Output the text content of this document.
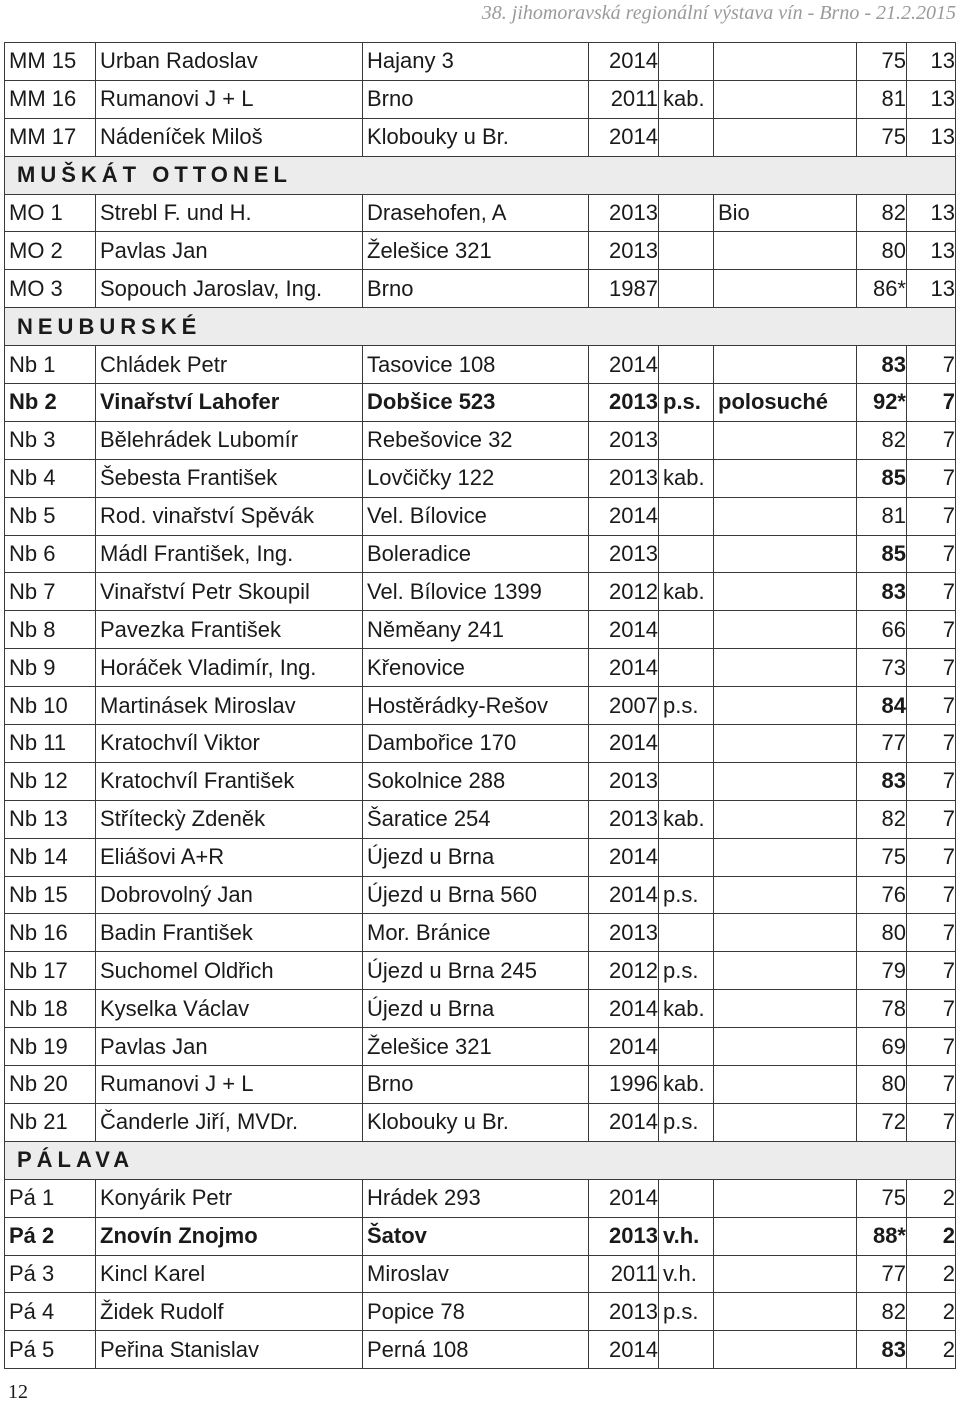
38. jihomoravská regionální výstava vín - Brno - 21.2.2015
MM 15	Urban Radoslav	Hajany 3	2014			75	13
MM 16	Rumanovi J + L	Brno	2011	kab.		81	13
MM 17	Nádeníček Miloš	Klobouky u Br.	2014			75	13
MUŠKÁT OTTONEL							
MO 1	Strebl F. und H.	Drasehofen, A	2013		Bio	82	13
MO 2	Pavlas Jan	Želešice 321	2013			80	13
MO 3	Sopouch Jaroslav, Ing.	Brno	1987			86*	13
NEUBURSKÉ							
Nb 1	Chládek Petr	Tasovice 108	2014			83	7
Nb 2	Vinařství Lahofer	Dobšice 523	2013	p.s.	polosuché	92*	7
Nb 3	Bělehrádek Lubomír	Rebešovice 32	2013			82	7
Nb 4	Šebesta František	Lovčičky 122	2013	kab.		85	7
Nb 5	Rod. vinařství Spěvák	Vel. Bílovice	2014			81	7
Nb 6	Mádl František, Ing.	Boleradice	2013			85	7
Nb 7	Vinařství Petr Skoupil	Vel. Bílovice 1399	2012	kab.		83	7
Nb 8	Pavezka František	Něměany 241	2014			66	7
Nb 9	Horáček Vladimír, Ing.	Křenovice	2014			73	7
Nb 10	Martinásek Miroslav	Hostěrádky-Rešov	2007	p.s.		84	7
Nb 11	Kratochvíl Viktor	Dambořice 170	2014			77	7
Nb 12	Kratochvíl František	Sokolnice 288	2013			83	7
Nb 13	Stříteckỳ Zdeněk	Šaratice 254	2013	kab.		82	7
Nb 14	Eliášovi A+R	Újezd u Brna	2014			75	7
Nb 15	Dobrovolný Jan	Újezd u Brna 560	2014	p.s.		76	7
Nb 16	Badin František	Mor. Bránice	2013			80	7
Nb 17	Suchomel Oldřich	Újezd u Brna 245	2012	p.s.		79	7
Nb 18	Kyselka Václav	Újezd u Brna	2014	kab.		78	7
Nb 19	Pavlas Jan	Želešice 321	2014			69	7
Nb 20	Rumanovi J + L	Brno	1996	kab.		80	7
Nb 21	Čanderle Jiří, MVDr.	Klobouky u Br.	2014	p.s.		72	7
PÁLAVA							
Pá 1	Konyárik Petr	Hrádek 293	2014			75	2
Pá 2	Znovín Znojmo	Šatov	2013	v.h.		88*	2
Pá 3	Kincl Karel	Miroslav	2011	v.h.		77	2
Pá 4	Židek Rudolf	Popice 78	2013	p.s.		82	2
Pá 5	Peřina Stanislav	Perná 108	2014			83	2
12
